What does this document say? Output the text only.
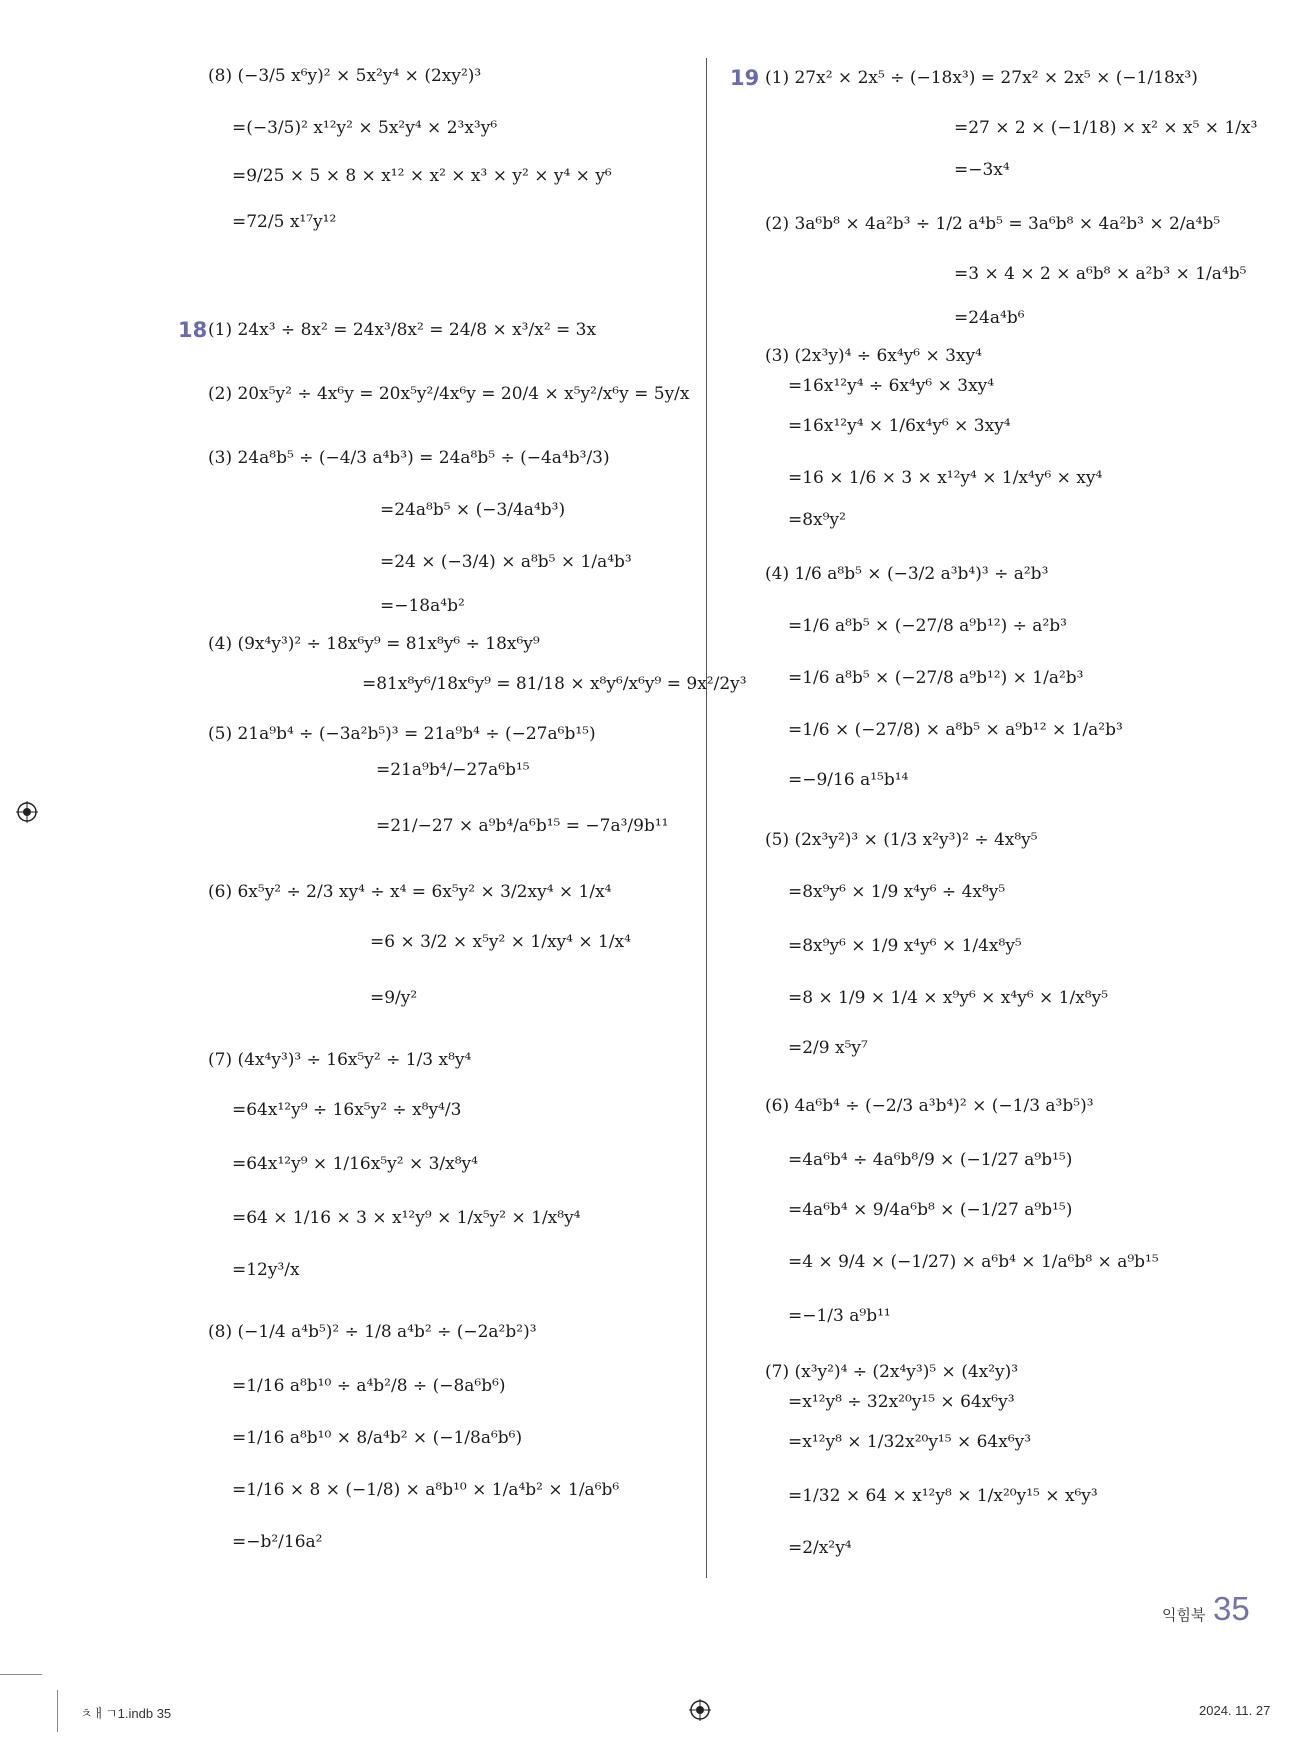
18
19
익힘북 35
ㅊㅐㄱ1.indb 35	2024. 11. 27
(8) (−3/5 x⁶y)² × 5x²y⁴ × (2xy²)³
=(−3/5)² x¹²y² × 5x²y⁴ × 2³x³y⁶
=9/25 × 5 × 8 × x¹² × x² × x³ × y² × y⁴ × y⁶
=72/5 x¹⁷y¹²
(1) 24x³ ÷ 8x² = 24x³/8x² = 24/8 × x³/x² = 3x
(2) 20x⁵y² ÷ 4x⁶y = 20x⁵y²/4x⁶y = 20/4 × x⁵y²/x⁶y = 5y/x
(3) 24a⁸b⁵ ÷ (−4/3 a⁴b³) = 24a⁸b⁵ ÷ (−4a⁴b³/3)
=24a⁸b⁵ × (−3/4a⁴b³)
=24 × (−3/4) × a⁸b⁵ × 1/a⁴b³
=−18a⁴b²
(4) (9x⁴y³)² ÷ 18x⁶y⁹ = 81x⁸y⁶ ÷ 18x⁶y⁹
=81x⁸y⁶/18x⁶y⁹ = 81/18 × x⁸y⁶/x⁶y⁹ = 9x²/2y³
(5) 21a⁹b⁴ ÷ (−3a²b⁵)³ = 21a⁹b⁴ ÷ (−27a⁶b¹⁵)
=21a⁹b⁴/−27a⁶b¹⁵
=21/−27 × a⁹b⁴/a⁶b¹⁵ = −7a³/9b¹¹
(6) 6x⁵y² ÷ 2/3 xy⁴ ÷ x⁴ = 6x⁵y² × 3/2xy⁴ × 1/x⁴
=6 × 3/2 × x⁵y² × 1/xy⁴ × 1/x⁴
=9/y²
(7) (4x⁴y³)³ ÷ 16x⁵y² ÷ 1/3 x⁸y⁴
=64x¹²y⁹ ÷ 16x⁵y² ÷ x⁸y⁴/3
=64x¹²y⁹ × 1/16x⁵y² × 3/x⁸y⁴
=64 × 1/16 × 3 × x¹²y⁹ × 1/x⁵y² × 1/x⁸y⁴
=12y³/x
(8) (−1/4 a⁴b⁵)² ÷ 1/8 a⁴b² ÷ (−2a²b²)³
=1/16 a⁸b¹⁰ ÷ a⁴b²/8 ÷ (−8a⁶b⁶)
=1/16 a⁸b¹⁰ × 8/a⁴b² × (−1/8a⁶b⁶)
=1/16 × 8 × (−1/8) × a⁸b¹⁰ × 1/a⁴b² × 1/a⁶b⁶
=−b²/16a²
(1) 27x² × 2x⁵ ÷ (−18x³) = 27x² × 2x⁵ × (−1/18x³)
=27 × 2 × (−1/18) × x² × x⁵ × 1/x³
=−3x⁴
(2) 3a⁶b⁸ × 4a²b³ ÷ 1/2 a⁴b⁵ = 3a⁶b⁸ × 4a²b³ × 2/a⁴b⁵
=3 × 4 × 2 × a⁶b⁸ × a²b³ × 1/a⁴b⁵
=24a⁴b⁶
(3) (2x³y)⁴ ÷ 6x⁴y⁶ × 3xy⁴
=16x¹²y⁴ ÷ 6x⁴y⁶ × 3xy⁴
=16x¹²y⁴ × 1/6x⁴y⁶ × 3xy⁴
=16 × 1/6 × 3 × x¹²y⁴ × 1/x⁴y⁶ × xy⁴
=8x⁹y²
(4) 1/6 a⁸b⁵ × (−3/2 a³b⁴)³ ÷ a²b³
=1/6 a⁸b⁵ × (−27/8 a⁹b¹²) ÷ a²b³
=1/6 a⁸b⁵ × (−27/8 a⁹b¹²) × 1/a²b³
=1/6 × (−27/8) × a⁸b⁵ × a⁹b¹² × 1/a²b³
=−9/16 a¹⁵b¹⁴
(5) (2x³y²)³ × (1/3 x²y³)² ÷ 4x⁸y⁵
=8x⁹y⁶ × 1/9 x⁴y⁶ ÷ 4x⁸y⁵
=8x⁹y⁶ × 1/9 x⁴y⁶ × 1/4x⁸y⁵
=8 × 1/9 × 1/4 × x⁹y⁶ × x⁴y⁶ × 1/x⁸y⁵
=2/9 x⁵y⁷
(6) 4a⁶b⁴ ÷ (−2/3 a³b⁴)² × (−1/3 a³b⁵)³
=4a⁶b⁴ ÷ 4a⁶b⁸/9 × (−1/27 a⁹b¹⁵)
=4a⁶b⁴ × 9/4a⁶b⁸ × (−1/27 a⁹b¹⁵)
=4 × 9/4 × (−1/27) × a⁶b⁴ × 1/a⁶b⁸ × a⁹b¹⁵
=−1/3 a⁹b¹¹
(7) (x³y²)⁴ ÷ (2x⁴y³)⁵ × (4x²y)³
=x¹²y⁸ ÷ 32x²⁰y¹⁵ × 64x⁶y³
=x¹²y⁸ × 1/32x²⁰y¹⁵ × 64x⁶y³
=1/32 × 64 × x¹²y⁸ × 1/x²⁰y¹⁵ × x⁶y³
=2/x²y⁴
